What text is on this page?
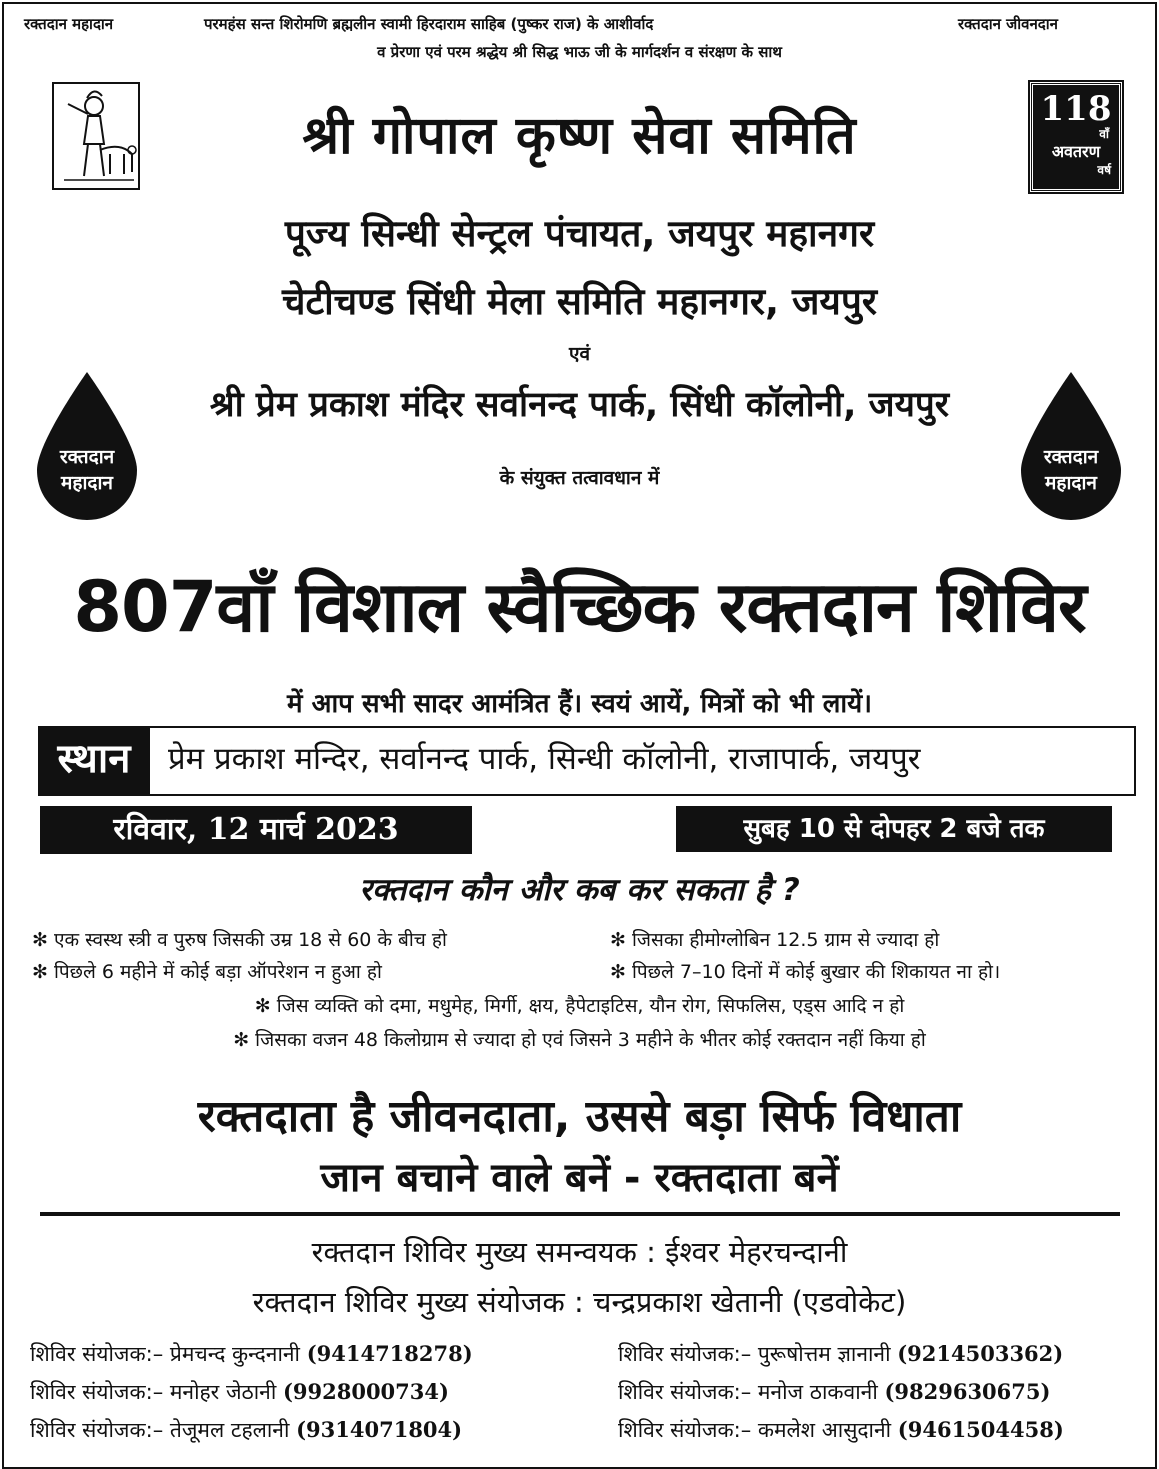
रक्तदान महादान	परमहंस सन्त शिरोमणि ब्रह्मलीन स्वामी हिरदाराम साहिब (पुष्कर राज) के आशीर्वाद	रक्तदान जीवनदान
व प्रेरणा एवं परम श्रद्धेय श्री सिद्ध भाऊ जी के मार्गदर्शन व संरक्षण के साथ
118
वाँ
अवतरण
वर्ष
श्री गोपाल कृष्ण सेवा समिति
पूज्य सिन्धी सेन्ट्रल पंचायत, जयपुर महानगर
चेटीचण्ड सिंधी मेला समिति महानगर, जयपुर
एवं
श्री प्रेम प्रकाश मंदिर सर्वानन्द पार्क, सिंधी कॉलोनी, जयपुर
के संयुक्त तत्वावधान में
रक्तदान
महादान
रक्तदान
महादान
807वाँ विशाल स्वैच्छिक रक्तदान शिविर
में आप सभी सादर आमंत्रित हैं। स्वयं आयें, मित्रों को भी लायें।
स्थान	प्रेम प्रकाश मन्दिर, सर्वानन्द पार्क, सिन्धी कॉलोनी, राजापार्क, जयपुर
रविवार, 12 मार्च 2023	सुबह 10 से दोपहर 2 बजे तक
रक्तदान कौन और कब कर सकता है ?
✻ एक स्वस्थ स्त्री व पुरुष जिसकी उम्र 18 से 60 के बीच हो	✻ जिसका हीमोग्लोबिन 12.5 ग्राम से ज्यादा हो
✻ पिछले 6 महीने में कोई बड़ा ऑपरेशन न हुआ हो	✻ पिछले 7–10 दिनों में कोई बुखार की शिकायत ना हो।
✻ जिस व्यक्ति को दमा, मधुमेह, मिर्गी, क्षय, हैपेटाइटिस, यौन रोग, सिफलिस, एड्स आदि न हो
✻ जिसका वजन 48 किलोग्राम से ज्यादा हो एवं जिसने 3 महीने के भीतर कोई रक्तदान नहीं किया हो
रक्तदाता है जीवनदाता, उससे बड़ा सिर्फ विधाता
जान बचाने वाले बनें - रक्तदाता बनें
रक्तदान शिविर मुख्य समन्वयक : ईश्वर मेहरचन्दानी
रक्तदान शिविर मुख्य संयोजक : चन्द्रप्रकाश खेतानी (एडवोकेट)
शिविर संयोजक:– प्रेमचन्द कुन्दनानी (9414718278)	शिविर संयोजक:– पुरूषोत्तम ज्ञानानी (9214503362)
शिविर संयोजक:– मनोहर जेठानी (9928000734)	शिविर संयोजक:– मनोज ठाकवानी (9829630675)
शिविर संयोजक:– तेजूमल टहलानी (9314071804)	शिविर संयोजक:– कमलेश आसुदानी (9461504458)
